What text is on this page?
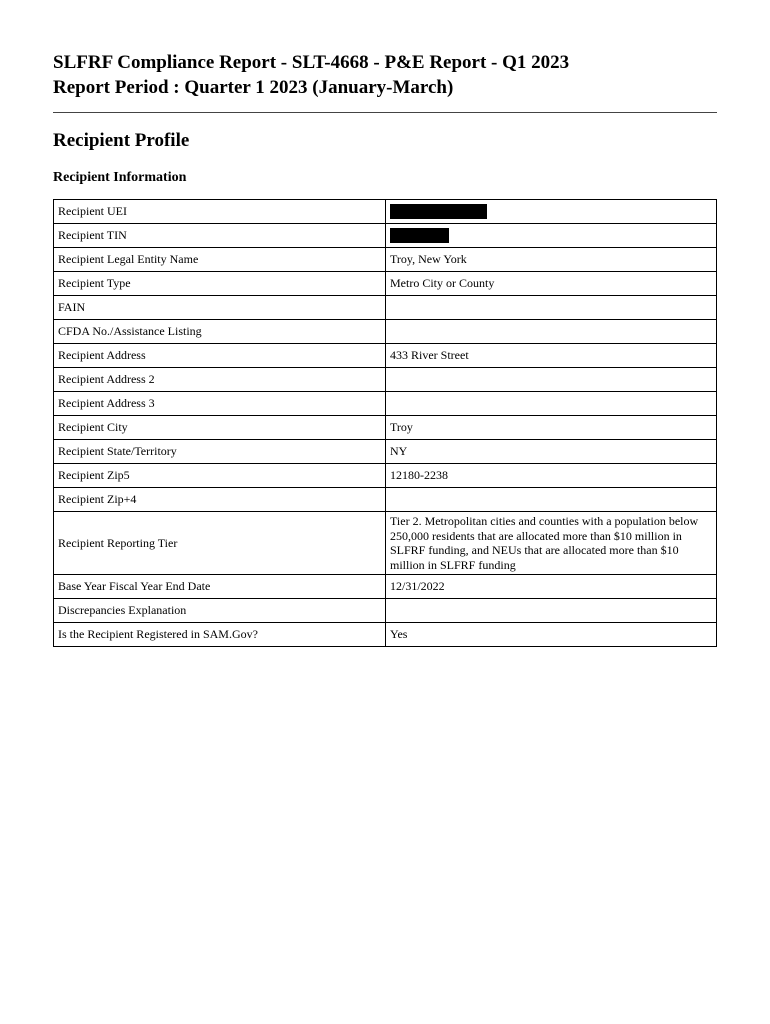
SLFRF Compliance Report - SLT-4668 - P&E Report - Q1 2023

Report Period : Quarter 1 2023 (January-March)

Recipient Profile
Recipient Information
Recipient UEI	
Recipient TIN	
Recipient Legal Entity Name	Troy, New York
Recipient Type	Metro City or County
FAIN	
CFDA No./Assistance Listing	
Recipient Address	433 River Street
Recipient Address 2	
Recipient Address 3	
Recipient City	Troy
Recipient State/Territory	NY
Recipient Zip5	12180-2238
Recipient Zip+4	
Recipient Reporting Tier	Tier 2. Metropolitan cities and counties with a population below 250,000 residents that are allocated more than $10 million in SLFRF funding, and NEUs that are allocated more than $10 million in SLFRF funding
Base Year Fiscal Year End Date	12/31/2022
Discrepancies Explanation	
Is the Recipient Registered in SAM.Gov?	Yes
